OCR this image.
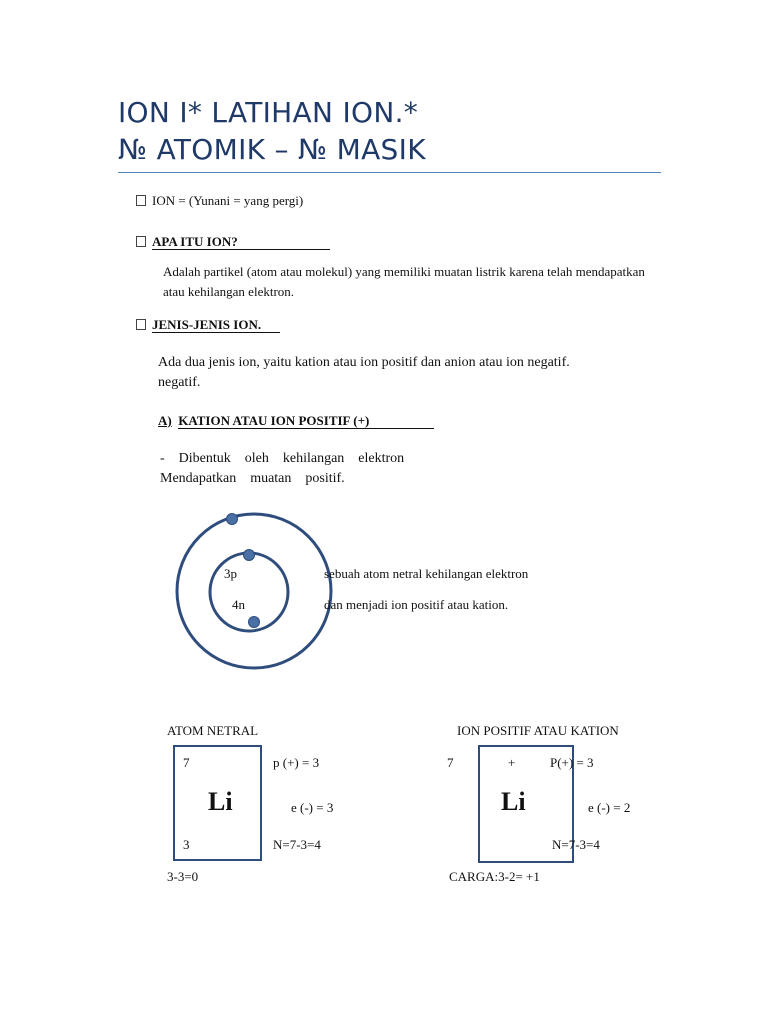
ION I* LATIHAN ION.*
№ ATOMIK – № MASIK
ION = (Yunani = yang pergi)
APA ITU ION?
Adalah partikel (atom atau molekul) yang memiliki muatan listrik karena telah mendapatkan
atau kehilangan elektron.
JENIS-JENIS ION.
Ada dua jenis ion, yaitu kation atau ion positif dan anion atau ion negatif.
negatif.
A) KATION ATAU ION POSITIF (+)
-    Dibentuk    oleh    kehilangan    elektron
Mendapatkan    muatan    positif.
3p
4n
sebuah atom netral kehilangan elektron
dan menjadi ion positif atau kation.
ATOM NETRAL
7
Li
3
p (+) = 3
e (-) = 3
N=7-3=4
3-3=0
ION POSITIF ATAU KATION
7	+
Li
P(+) = 3
e (-) = 2
N=7-3=4
CARGA:3-2= +1
